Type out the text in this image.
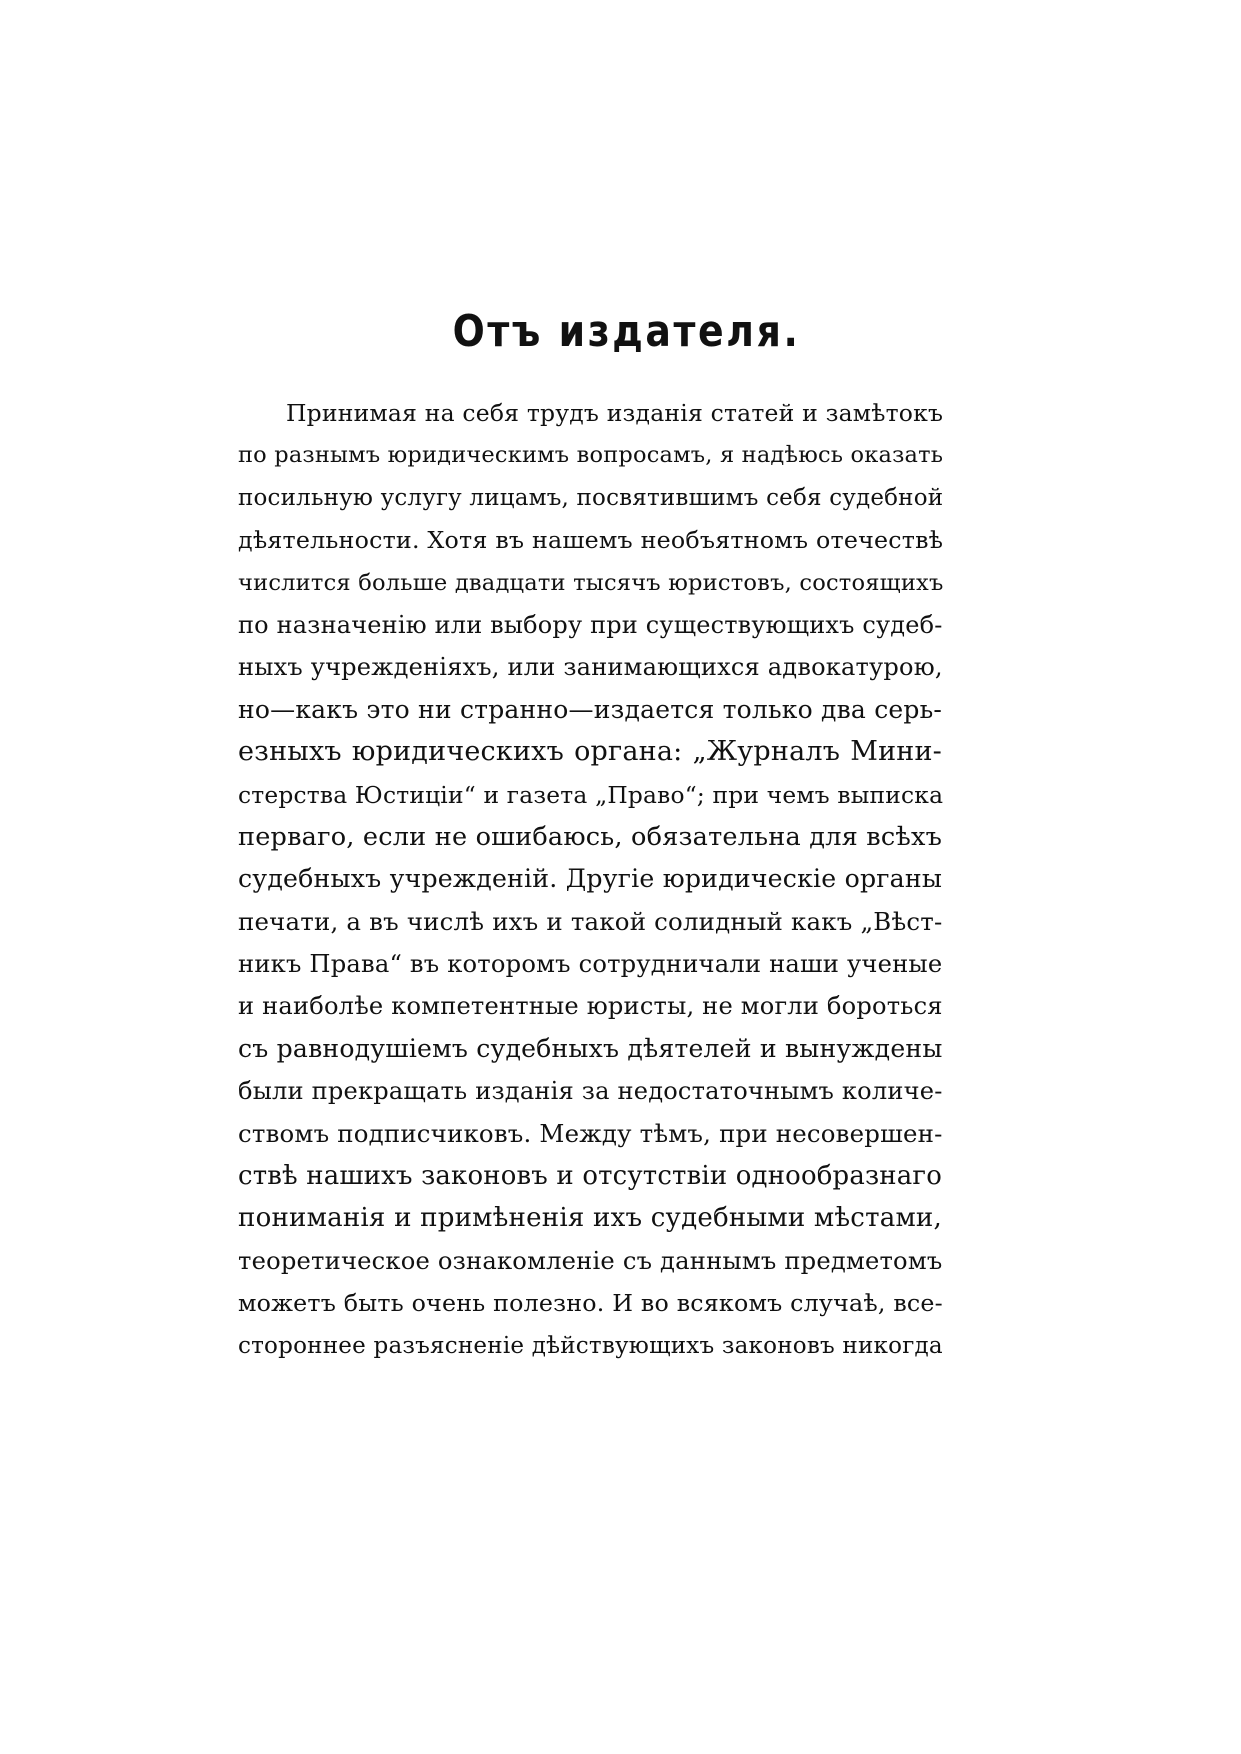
Отъ издателя.
Принимая на себя трудъ изданія статей и замѣтокъ
по разнымъ юридическимъ вопросамъ, я надѣюсь оказать
посильную услугу лицамъ, посвятившимъ себя судебной
дѣятельности. Хотя въ нашемъ необъятномъ отечествѣ
числится больше двадцати тысячъ юристовъ, состоящихъ
по назначенію или выбору при существующихъ судеб-
ныхъ учрежденіяхъ, или занимающихся адвокатурою,
но—какъ это ни странно—издается только два серь-
езныхъ юридическихъ органа: „Журналъ Мини-
стерства Юстиціи“ и газета „Право“; при чемъ выписка
перваго, если не ошибаюсь, обязательна для всѣхъ
судебныхъ учрежденій. Другіе юридическіе органы
печати, а въ числѣ ихъ и такой солидный какъ „Вѣст-
никъ Права“ въ которомъ сотрудничали наши ученые
и наиболѣе компетентные юристы, не могли бороться
съ равнодушіемъ судебныхъ дѣятелей и вынуждены
были прекращать изданія за недостаточнымъ количе-
ствомъ подписчиковъ. Между тѣмъ, при несовершен-
ствѣ нашихъ законовъ и отсутствіи однообразнаго
пониманія и примѣненія ихъ судебными мѣстами,
теоретическое ознакомленіе съ даннымъ предметомъ
можетъ быть очень полезно. И во всякомъ случаѣ, все-
стороннее разъясненіе дѣйствующихъ законовъ никогда
